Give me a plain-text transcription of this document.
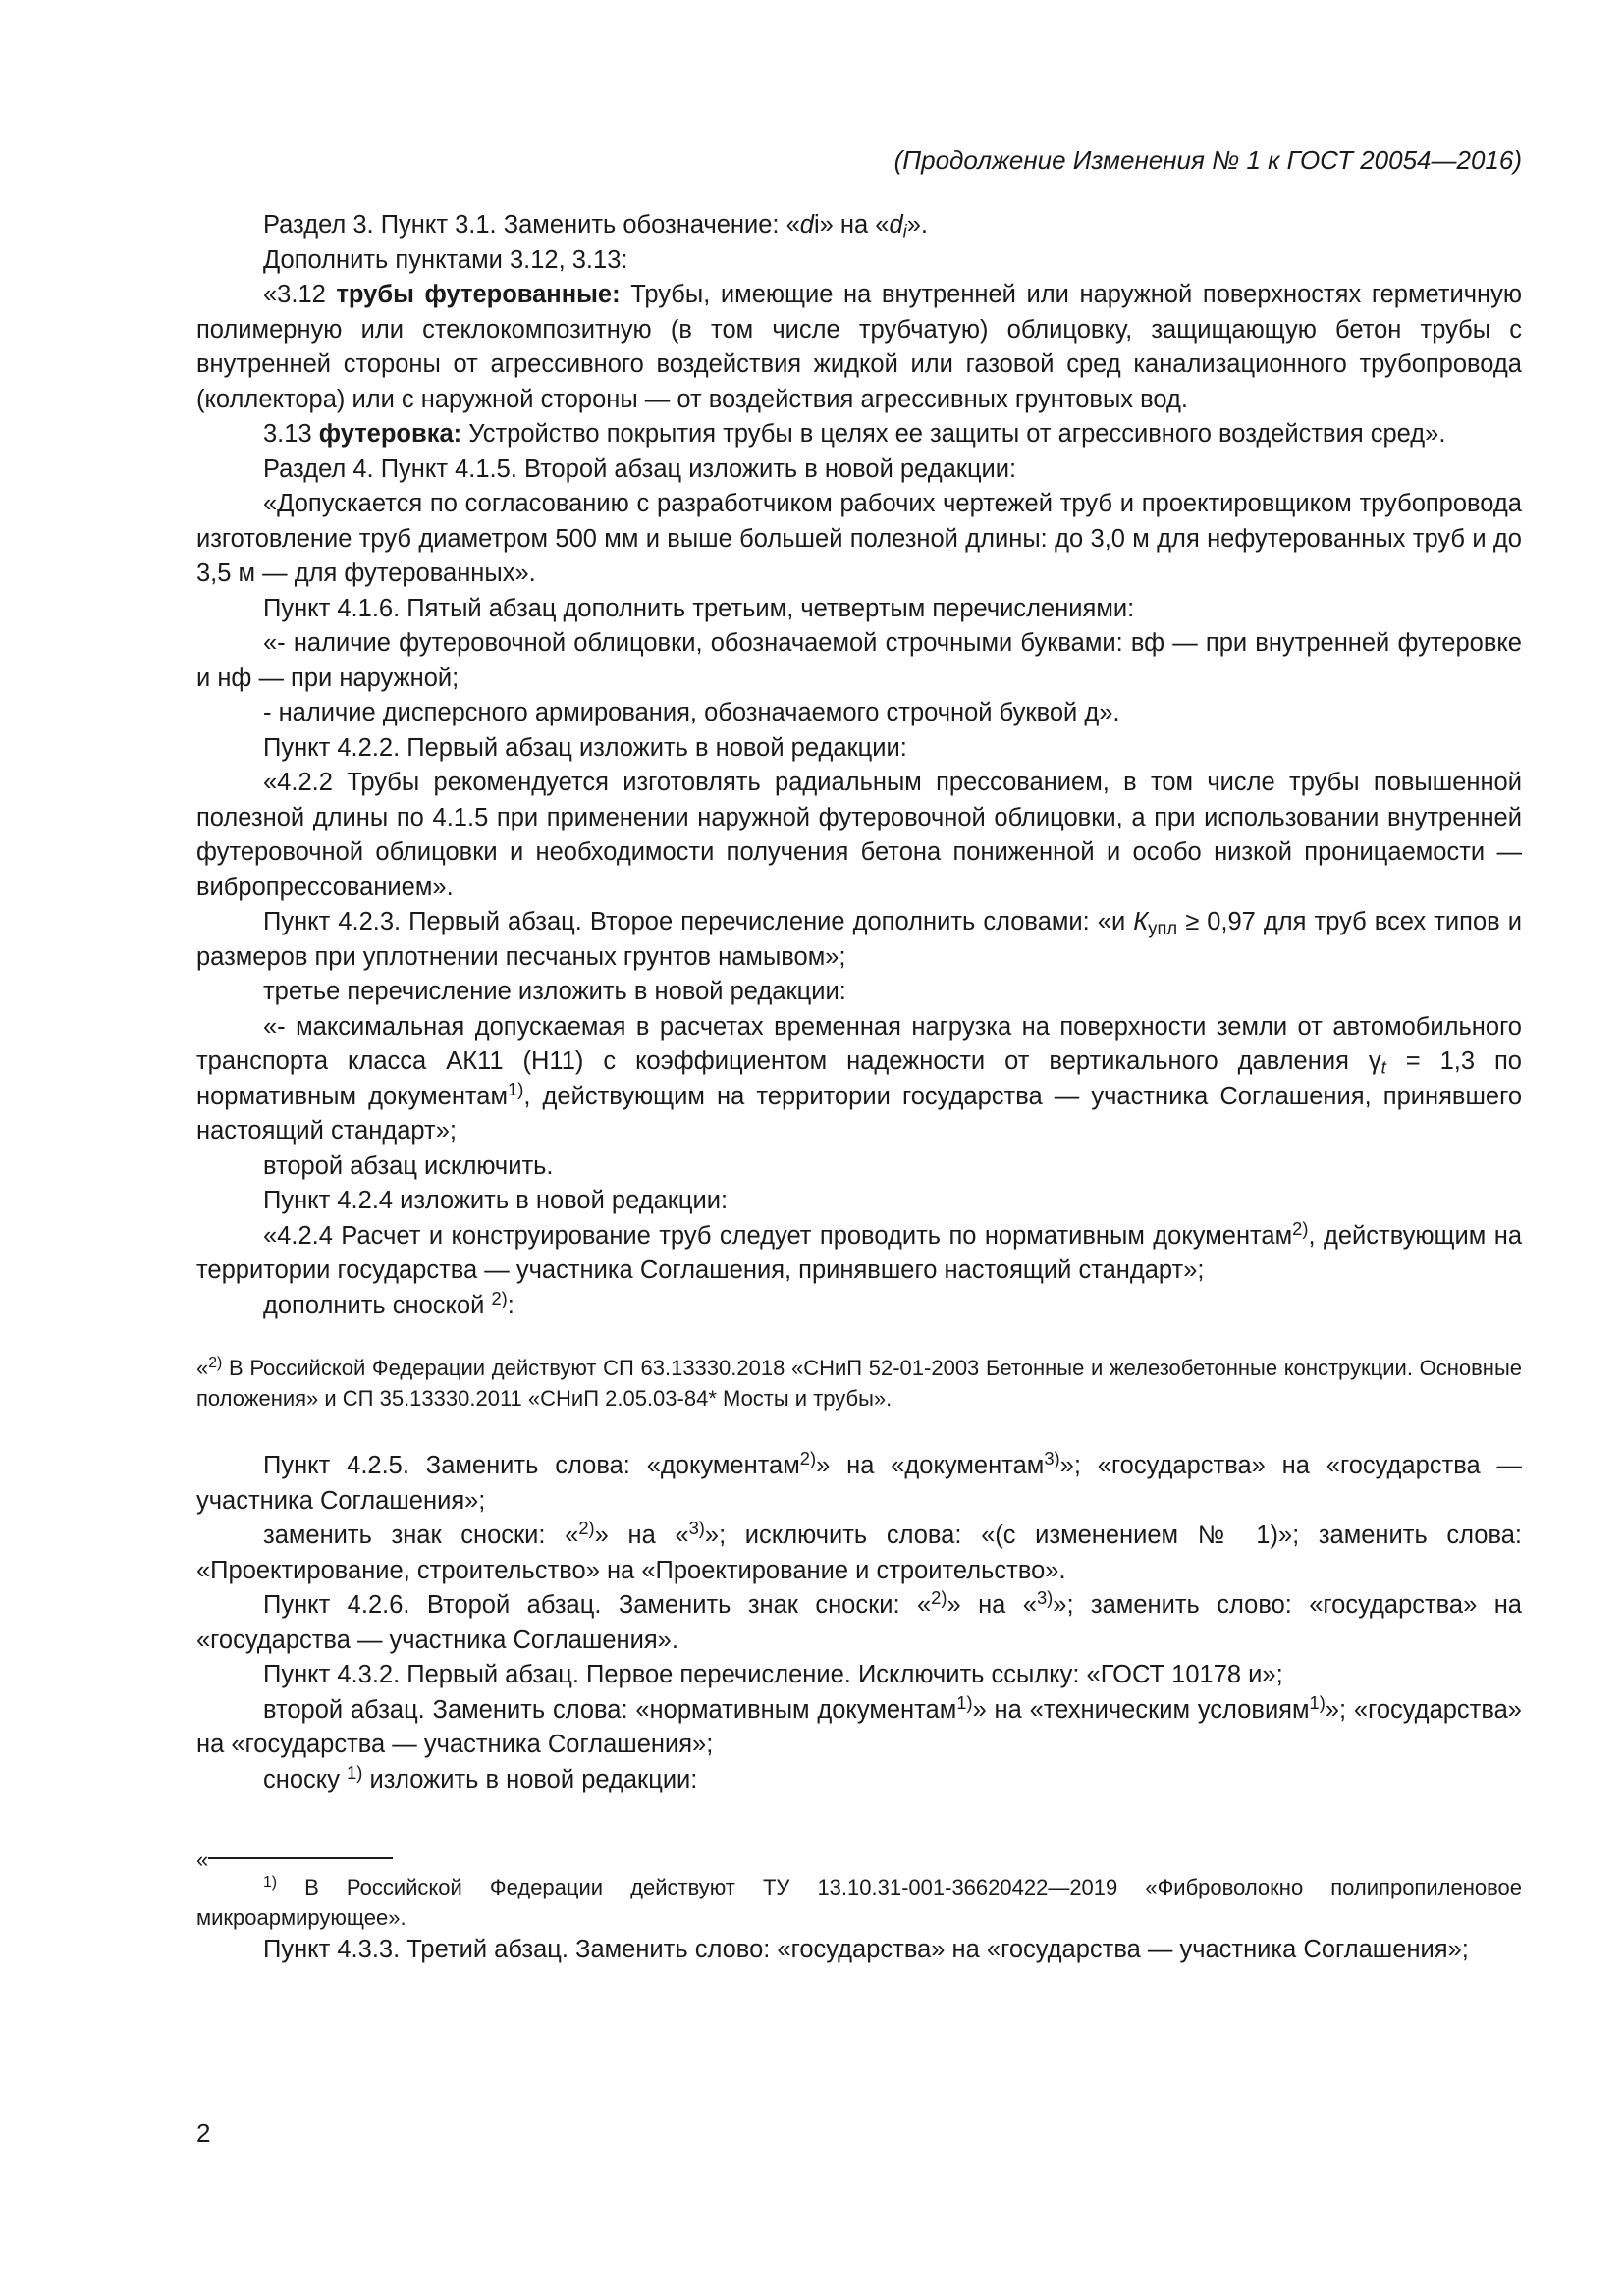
(Продолжение Изменения № 1 к ГОСТ 20054—2016)

Раздел 3. Пункт 3.1. Заменить обозначение: «di» на «$d_i$».

Дополнить пунктами 3.12, 3.13:

«3.12 трубы футерованные: Трубы, имеющие на внутренней или наружной поверхностях герметичную полимерную или стеклокомпозитную (в том числе трубчатую) облицовку, защищающую бетон трубы с внутренней стороны от агрессивного воздействия жидкой или газовой сред канализационного трубопровода (коллектора) или с наружной стороны — от воздействия агрессивных грунтовых вод.

3.13 футеровка: Устройство покрытия трубы в целях ее защиты от агрессивного воздействия сред».

Раздел 4. Пункт 4.1.5. Второй абзац изложить в новой редакции:

«Допускается по согласованию с разработчиком рабочих чертежей труб и проектировщиком трубопровода изготовление труб диаметром 500 мм и выше большей полезной длины: до 3,0 м для нефутерованных труб и до 3,5 м — для футерованных».

Пункт 4.1.6. Пятый абзац дополнить третьим, четвертым перечислениями:

«- наличие футеровочной облицовки, обозначаемой строчными буквами: вф — при внутренней футеровке и нф — при наружной;

- наличие дисперсного армирования, обозначаемого строчной буквой д».

Пункт 4.2.2. Первый абзац изложить в новой редакции:

«4.2.2 Трубы рекомендуется изготовлять радиальным прессованием, в том числе трубы повышенной полезной длины по 4.1.5 при применении наружной футеровочной облицовки, а при использовании внутренней футеровочной облицовки и необходимости получения бетона пониженной и особо низкой проницаемости — вибропрессованием».

Пункт 4.2.3. Первый абзац. Второе перечисление дополнить словами: «и $К_{упл} \ge 0,97$ для труб всех типов и размеров при уплотнении песчаных грунтов намывом»;

третье перечисление изложить в новой редакции:

«- максимальная допускаемая в расчетах временная нагрузка на поверхности земли от автомобильного транспорта класса АК11 (Н11) с коэффициентом надежности от вертикального давления $\gamma_t = 1,3$ по нормативным документам$^{1)}$, действующим на территории государства — участника Соглашения, принявшего настоящий стандарт»;

второй абзац исключить.

Пункт 4.2.4 изложить в новой редакции:

«4.2.4 Расчет и конструирование труб следует проводить по нормативным документам$^{2)}$, действующим на территории государства — участника Соглашения, принявшего настоящий стандарт»;

дополнить сноской $^{2)}$:

«$^{2)}$ В Российской Федерации действуют СП 63.13330.2018 «СНиП 52-01-2003 Бетонные и железобетонные конструкции. Основные положения» и СП 35.13330.2011 «СНиП 2.05.03-84* Мосты и трубы».

Пункт 4.2.5. Заменить слова: «документам$^{2)}$» на «документам$^{3)}$»; «государства» на «государства — участника Соглашения»;

заменить знак сноски: «$^{2)}$» на «$^{3)}$»; исключить слова: «(с изменением № 1)»; заменить слова: «Проектирование, строительство» на «Проектирование и строительство».

Пункт 4.2.6. Второй абзац. Заменить знак сноски: «$^{2)}$» на «$^{3)}$»; заменить слово: «государства» на «государства — участника Соглашения».

Пункт 4.3.2. Первый абзац. Первое перечисление. Исключить ссылку: «ГОСТ 10178 и»;

второй абзац. Заменить слова: «нормативным документам$^{1)}$» на «техническим условиям$^{1)}$»; «государства» на «государства — участника Соглашения»;

сноску $^{1)}$ изложить в новой редакции:

«

$^{1)}$ В Российской Федерации действуют ТУ 13.10.31-001-36620422—2019 «Фиброволокно полипропиленовое микроармирующее».

Пункт 4.3.3. Третий абзац. Заменить слово: «государства» на «государства — участника Соглашения»;

2
